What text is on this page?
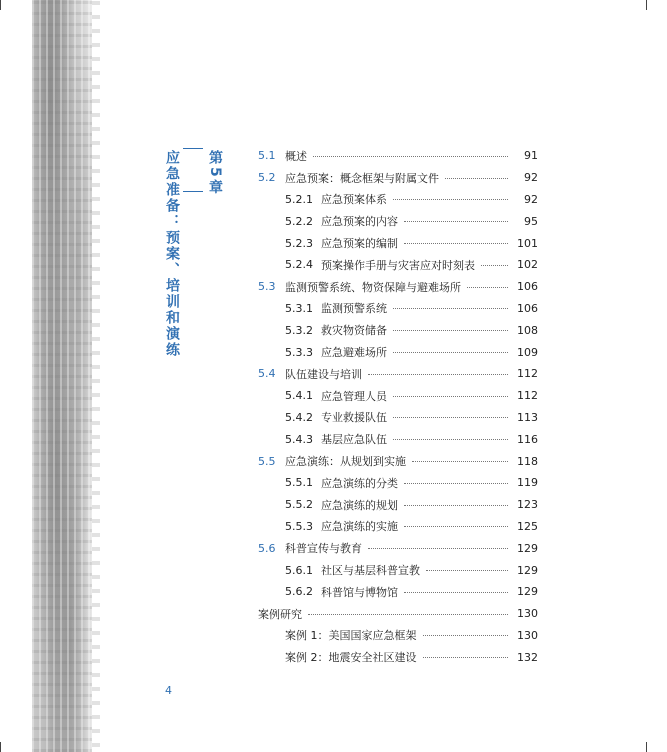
应急准备：预案、培训和演练 第5章	5.1 概述	91
5.2 应急预案：概念框架与附属文件	92
5.2.1 应急预案体系	92
5.2.2 应急预案的内容	95
5.2.3 应急预案的编制	101
5.2.4 预案操作手册与灾害应对时刻表	102
5.3 监测预警系统、物资保障与避难场所	106
5.3.1 监测预警系统	106
5.3.2 救灾物资储备	108
5.3.3 应急避难场所	109
5.4 队伍建设与培训	112
5.4.1 应急管理人员	112
5.4.2 专业救援队伍	113
5.4.3 基层应急队伍	116
5.5 应急演练：从规划到实施	118
5.5.1 应急演练的分类	119
5.5.2 应急演练的规划	123
5.5.3 应急演练的实施	125
5.6 科普宣传与教育	129
5.6.1 社区与基层科普宣教	129
5.6.2 科普馆与博物馆	129
案例研究	130
案例 1：美国国家应急框架	130
案例 2：地震安全社区建设	132
4
